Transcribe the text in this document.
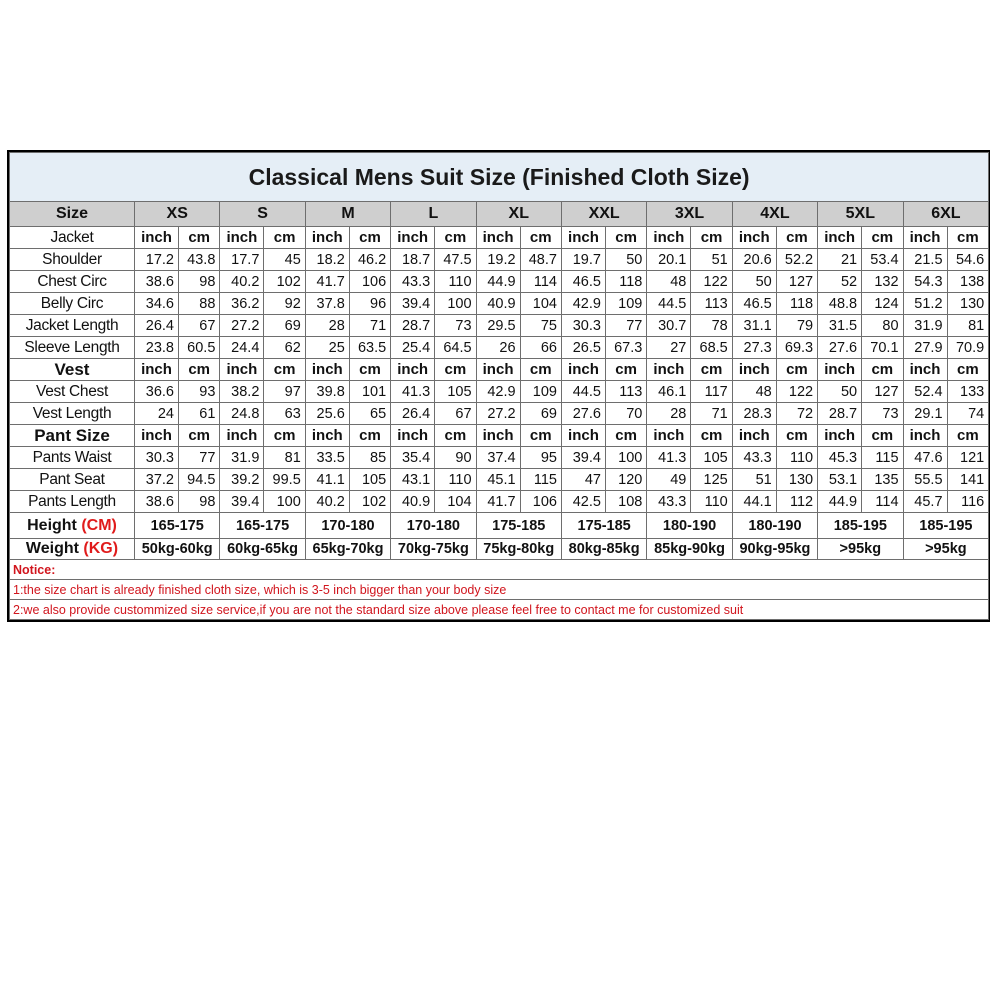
Classical Mens Suit Size (Finished Cloth Size)																				
Size	XS		S		M		L		XL		XXL		3XL		4XL		5XL		6XL	
Jacket	inch	cm	inch	cm	inch	cm	inch	cm	inch	cm	inch	cm	inch	cm	inch	cm	inch	cm	inch	cm
Shoulder	17.2	43.8	17.7	45	18.2	46.2	18.7	47.5	19.2	48.7	19.7	50	20.1	51	20.6	52.2	21	53.4	21.5	54.6
Chest Circ	38.6	98	40.2	102	41.7	106	43.3	110	44.9	114	46.5	118	48	122	50	127	52	132	54.3	138
Belly Circ	34.6	88	36.2	92	37.8	96	39.4	100	40.9	104	42.9	109	44.5	113	46.5	118	48.8	124	51.2	130
Jacket Length	26.4	67	27.2	69	28	71	28.7	73	29.5	75	30.3	77	30.7	78	31.1	79	31.5	80	31.9	81
Sleeve Length	23.8	60.5	24.4	62	25	63.5	25.4	64.5	26	66	26.5	67.3	27	68.5	27.3	69.3	27.6	70.1	27.9	70.9
Vest	inch	cm	inch	cm	inch	cm	inch	cm	inch	cm	inch	cm	inch	cm	inch	cm	inch	cm	inch	cm
Vest Chest	36.6	93	38.2	97	39.8	101	41.3	105	42.9	109	44.5	113	46.1	117	48	122	50	127	52.4	133
Vest Length	24	61	24.8	63	25.6	65	26.4	67	27.2	69	27.6	70	28	71	28.3	72	28.7	73	29.1	74
Pant Size	inch	cm	inch	cm	inch	cm	inch	cm	inch	cm	inch	cm	inch	cm	inch	cm	inch	cm	inch	cm
Pants Waist	30.3	77	31.9	81	33.5	85	35.4	90	37.4	95	39.4	100	41.3	105	43.3	110	45.3	115	47.6	121
Pant Seat	37.2	94.5	39.2	99.5	41.1	105	43.1	110	45.1	115	47	120	49	125	51	130	53.1	135	55.5	141
Pants Length	38.6	98	39.4	100	40.2	102	40.9	104	41.7	106	42.5	108	43.3	110	44.1	112	44.9	114	45.7	116
Height (CM)	165-175		165-175		170-180		170-180		175-185		175-185		180-190		180-190		185-195		185-195	
Weight (KG)	50kg-60kg		60kg-65kg		65kg-70kg		70kg-75kg		75kg-80kg		80kg-85kg		85kg-90kg		90kg-95kg		>95kg		>95kg	
Notice:																				
1:the size chart is already finished cloth size, which is 3-5 inch bigger than your body size																				
2:we also provide custommized size service,if you are not the standard size above please feel free to contact me for customized suit																				
